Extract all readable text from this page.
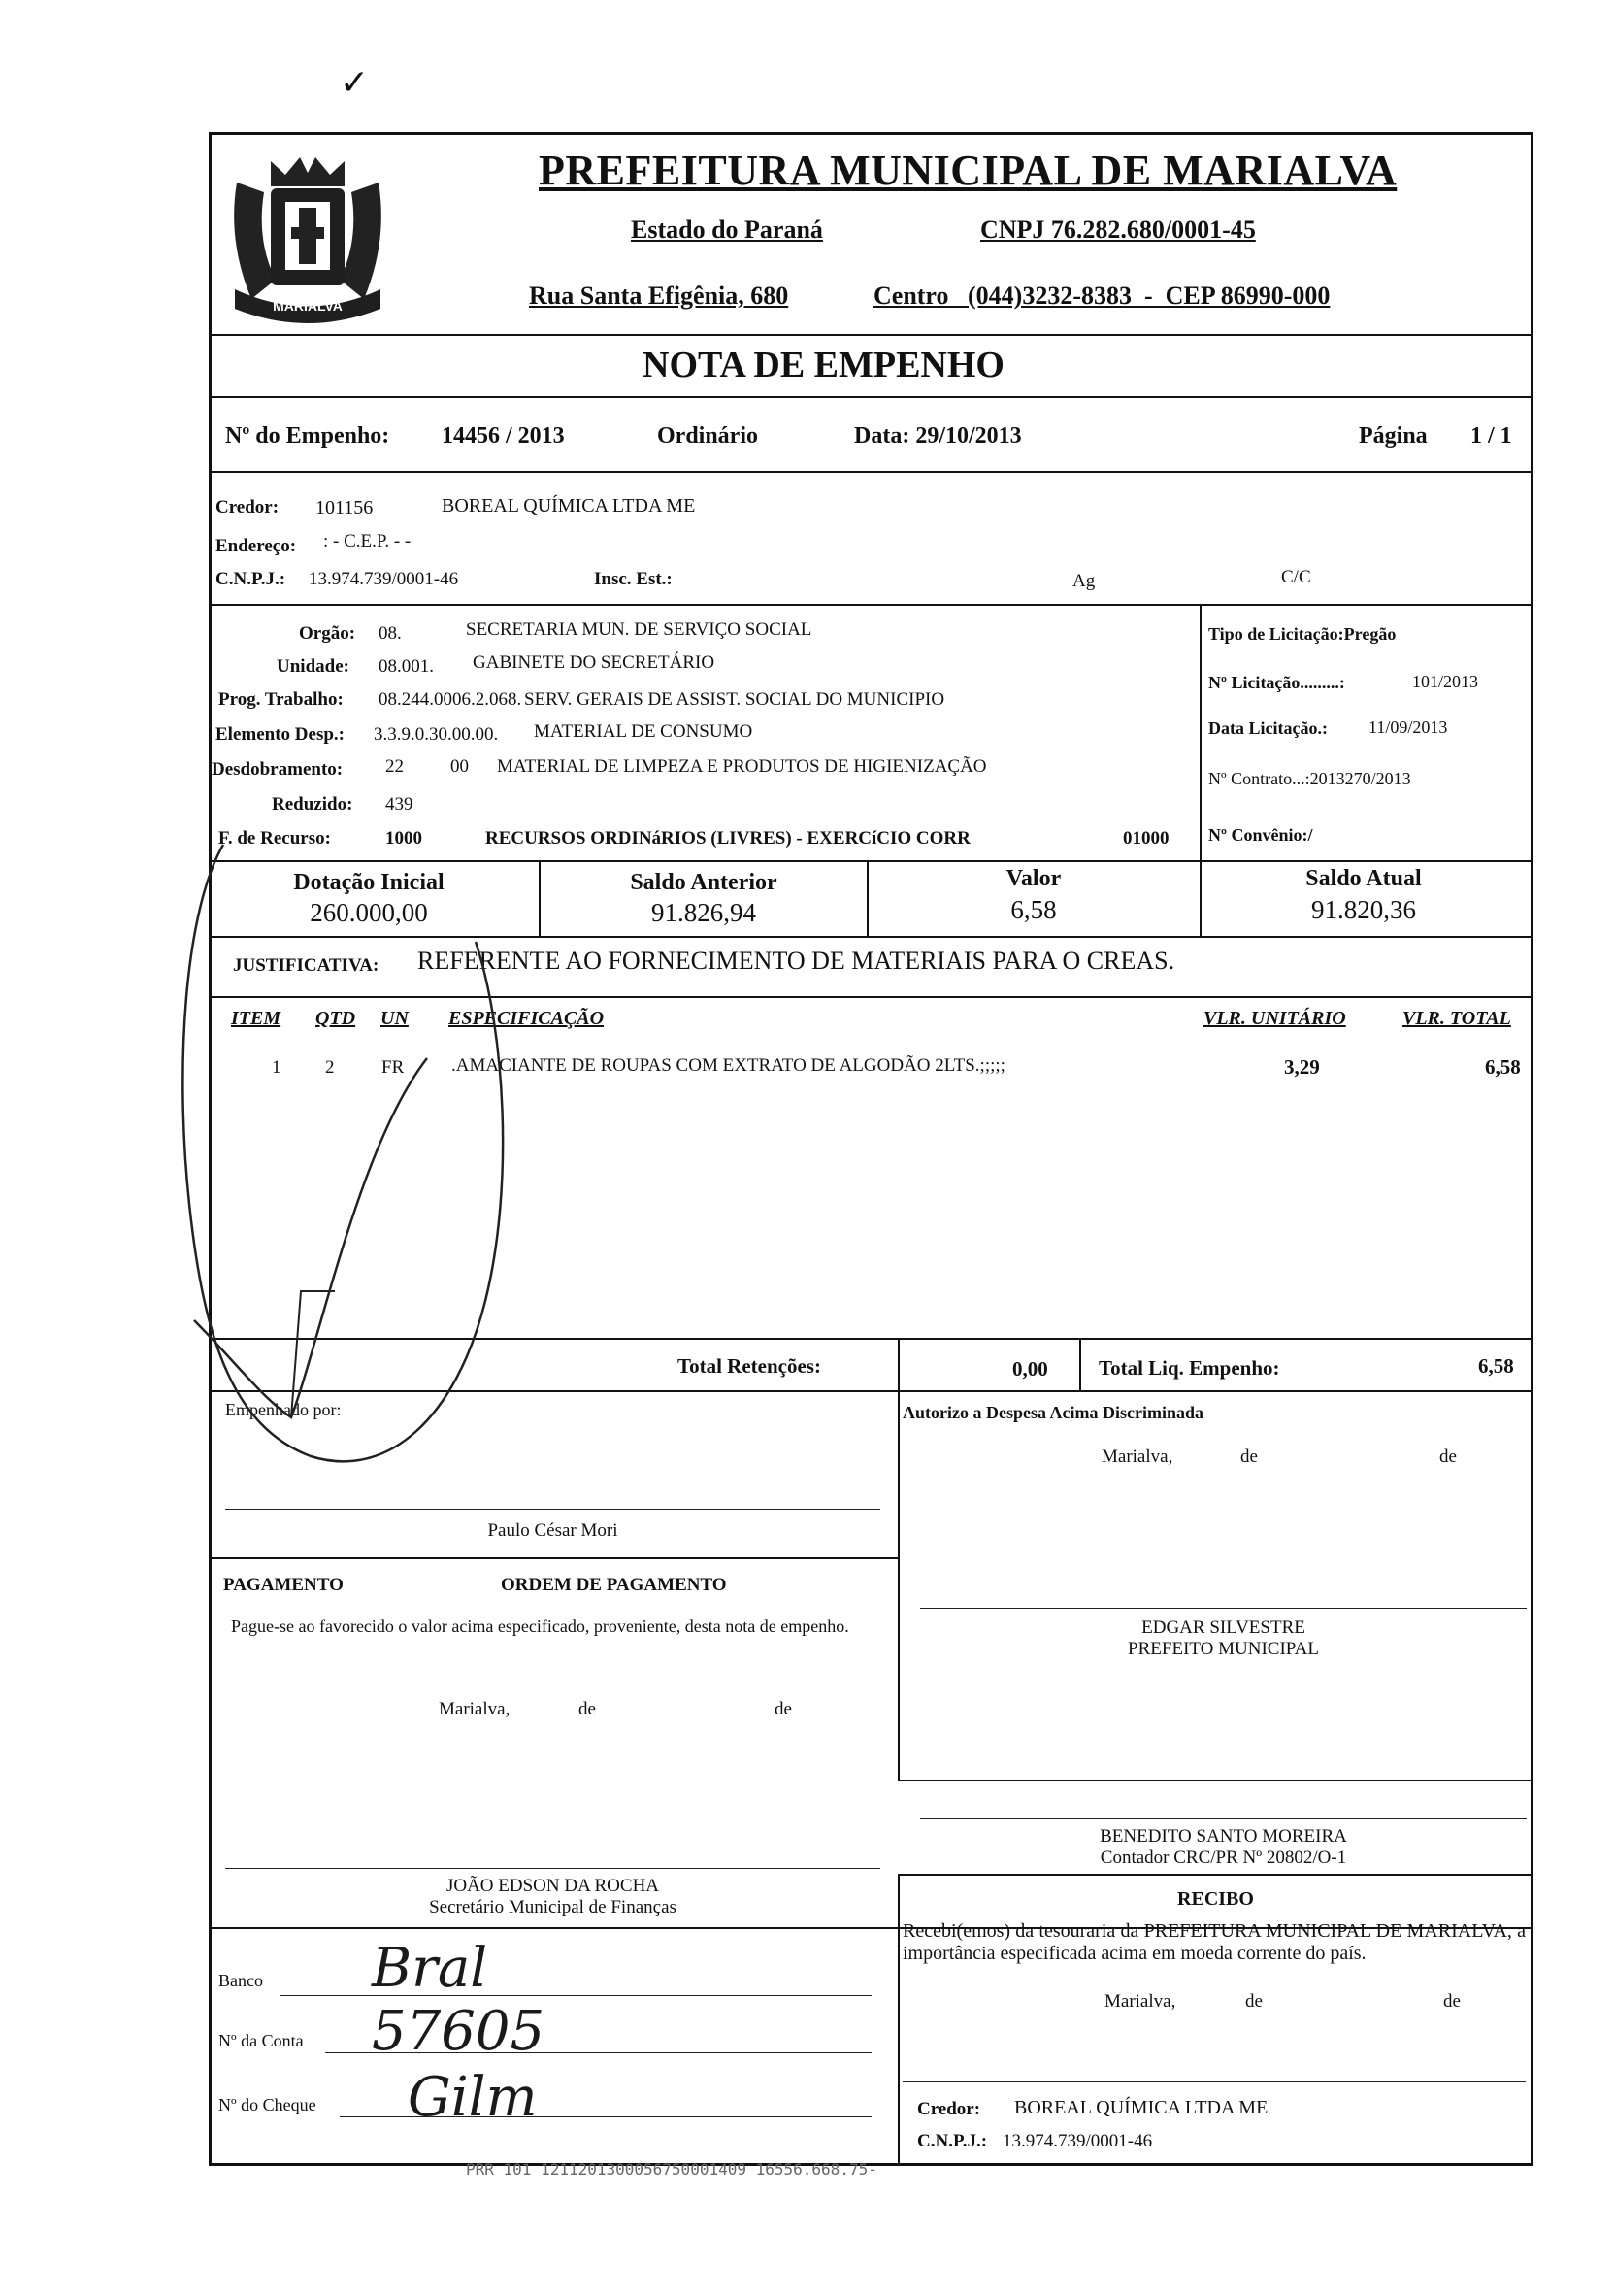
✓
MARIALVA
PREFEITURA MUNICIPAL DE MARIALVA
Estado do Paraná	CNPJ 76.282.680/0001-45
Rua Santa Efigênia, 680	Centro   (044)3232-8383  -  CEP 86990-000
NOTA DE EMPENHO
Nº do Empenho: 14456 / 2013	Ordinário	Data: 29/10/2013	Página 1 / 1
Credor: 101156	BOREAL QUÍMICA LTDA ME
Endereço: : - C.E.P. - -
C.N.P.J.: 13.974.739/0001-46	Insc. Est.:	Ag	C/C
Orgão: 08.	SECRETARIA MUN. DE SERVIÇO SOCIAL
Unidade: 08.001. GABINETE DO SECRETÁRIO
Prog. Trabalho: 08.244.0006.2.068. SERV. GERAIS DE ASSIST. SOCIAL DO MUNICIPIO
Elemento Desp.: 3.3.9.0.30.00.00. MATERIAL DE CONSUMO
Desdobramento: 22	00 MATERIAL DE LIMPEZA E PRODUTOS DE HIGIENIZAÇÃO
Reduzido: 439
F. de Recurso:	1000	RECURSOS ORDINáRIOS (LIVRES) - EXERCíCIO CORR	01000
Tipo de Licitação:Pregão
Nº Licitação.........:	101/2013
Data Licitação.: 11/09/2013
Nº Contrato...:2013270/2013
Nº Convênio:/
Dotação Inicial
260.000,00
Saldo Anterior
91.826,94
Valor
6,58
Saldo Atual
91.820,36
JUSTIFICATIVA: REFERENTE AO FORNECIMENTO DE MATERIAIS PARA O CREAS.
ITEM QTD UN ESPECIFICAÇÃO	VLR. UNITÁRIO	VLR. TOTAL
1 2	FR	.AMACIANTE DE ROUPAS COM EXTRATO DE ALGODÃO 2LTS.;;;;;	3,29	6,58
Total Retenções:	0,00 Total Liq. Empenho:	6,58
Empenhado por:
Paulo César Mori
Autorizo a Despesa Acima Discriminada
Marialva,	de	de
PAGAMENTO	ORDEM DE PAGAMENTO
Pague-se ao favorecido o valor acima especificado, proveniente, desta nota de empenho.
Marialva,	de	de
EDGAR SILVESTRE
PREFEITO MUNICIPAL
BENEDITO SANTO MOREIRA
Contador CRC/PR Nº 20802/O-1
JOÃO EDSON DA ROCHA
Secretário Municipal de Finanças	RECIBO
Recebi(emos) da tesouraria da PREFEITURA MUNICIPAL DE MARIALVA, a importância especificada acima em moeda corrente do país.
Marialva,	de	de
Banco Bral
Nº da Conta 57605
Nº do Cheque Gilm	Credor: BOREAL QUÍMICA LTDA ME
C.N.P.J.: 13.974.739/0001-46
PRR 101 1211201300056750001409 16556.668.75-
